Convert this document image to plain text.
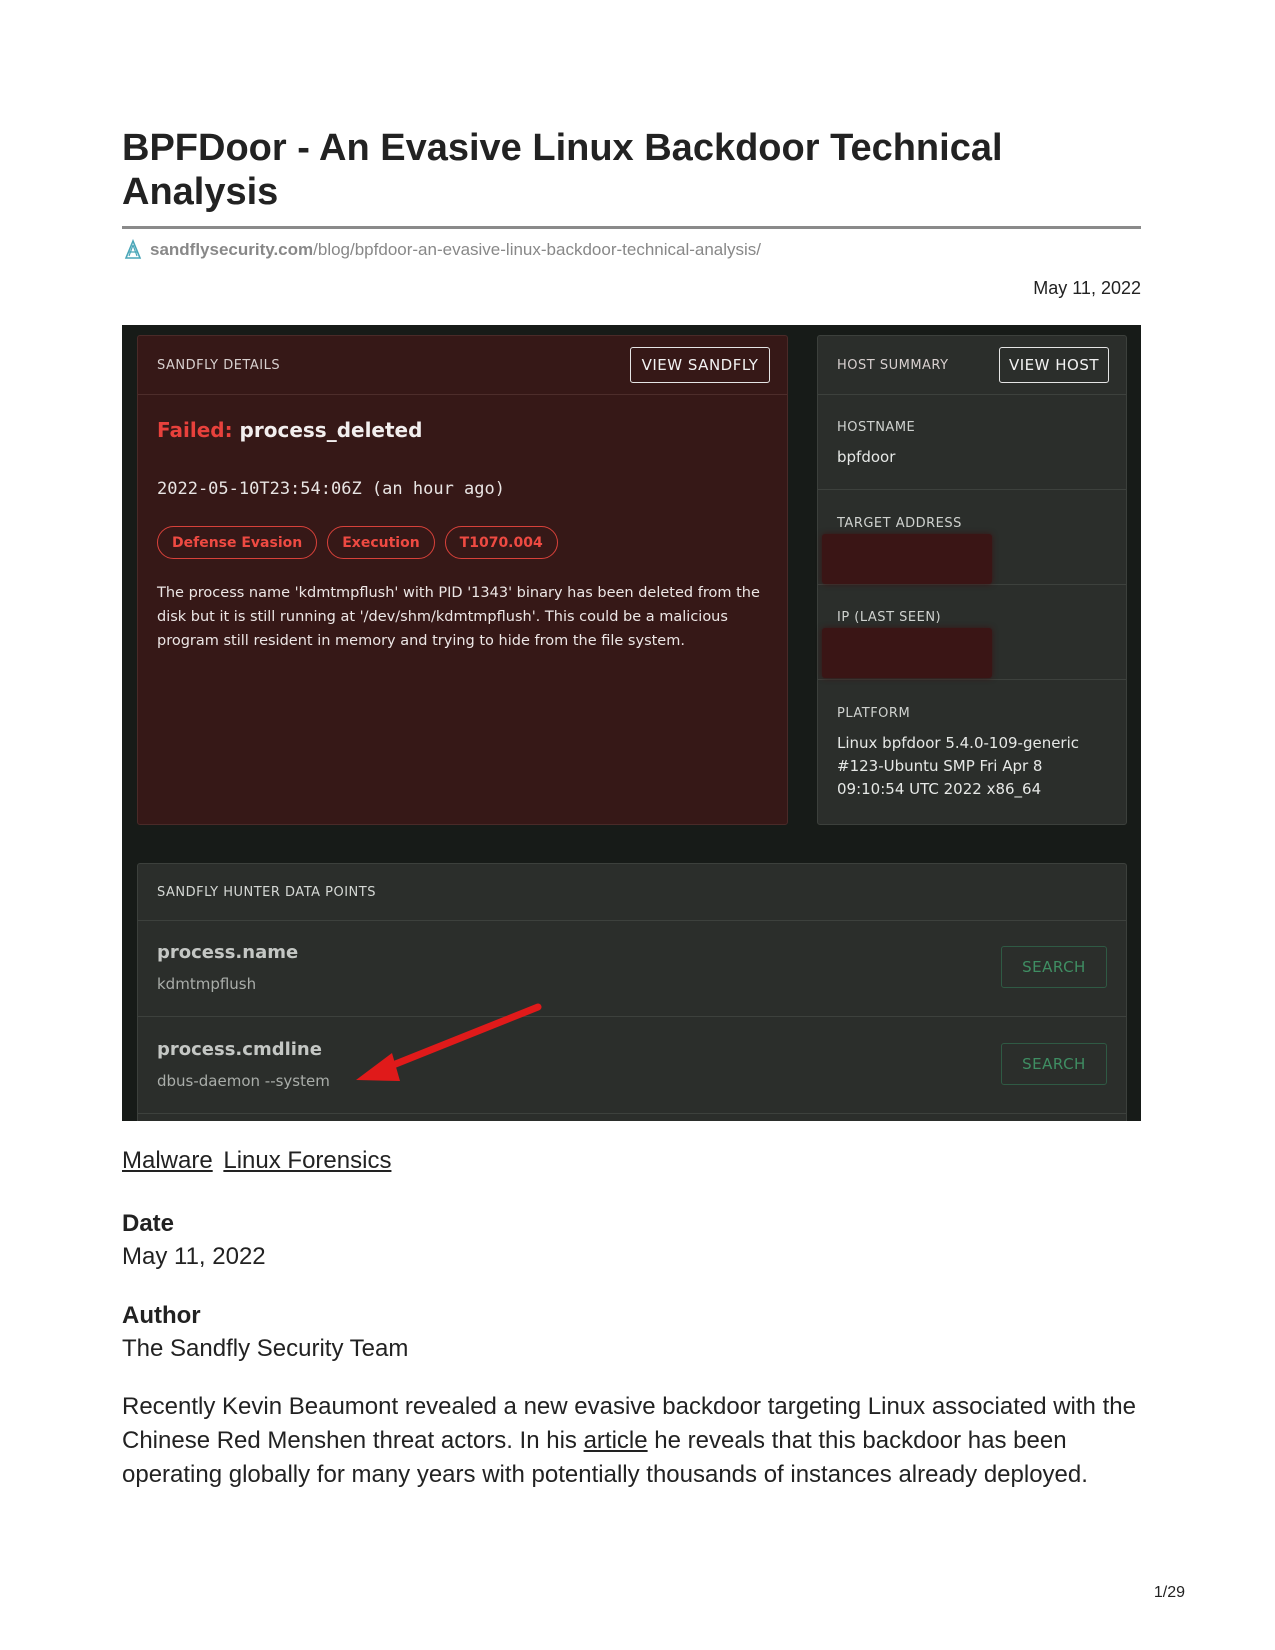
BPFDoor - An Evasive Linux Backdoor Technical Analysis
sandflysecurity.com /blog/bpfdoor-an-evasive-linux-backdoor-technical-analysis/
May 11, 2022
SANDFLY DETAILS	VIEW SANDFLY
Failed: process_deleted
2022-05-10T23:54:06Z (an hour ago)
Defense Evasion	Execution	T1070.004

The process name 'kdmtmpflush' with PID '1343' binary has been deleted from the disk but it is still running at '/dev/shm/kdmtmpflush'. This could be a malicious program still resident in memory and trying to hide from the file system.

HOST SUMMARY	VIEW HOST
HOSTNAME
bpfdoor
TARGET ADDRESS
IP (LAST SEEN)
PLATFORM
Linux bpfdoor 5.4.0-109-generic #123-Ubuntu SMP Fri Apr 8 09:10:54 UTC 2022 x86_64
SANDFLY HUNTER DATA POINTS
process.name
kdmtmpflush
SEARCH
process.cmdline
dbus-daemon --system
SEARCH
Malware Linux Forensics
Date
May 11, 2022
Author
The Sandfly Security Team

Recently Kevin Beaumont revealed a new evasive backdoor targeting Linux associated with the Chinese Red Menshen threat actors. In his article he reveals that this backdoor has been operating globally for many years with potentially thousands of instances already deployed.

1/29
